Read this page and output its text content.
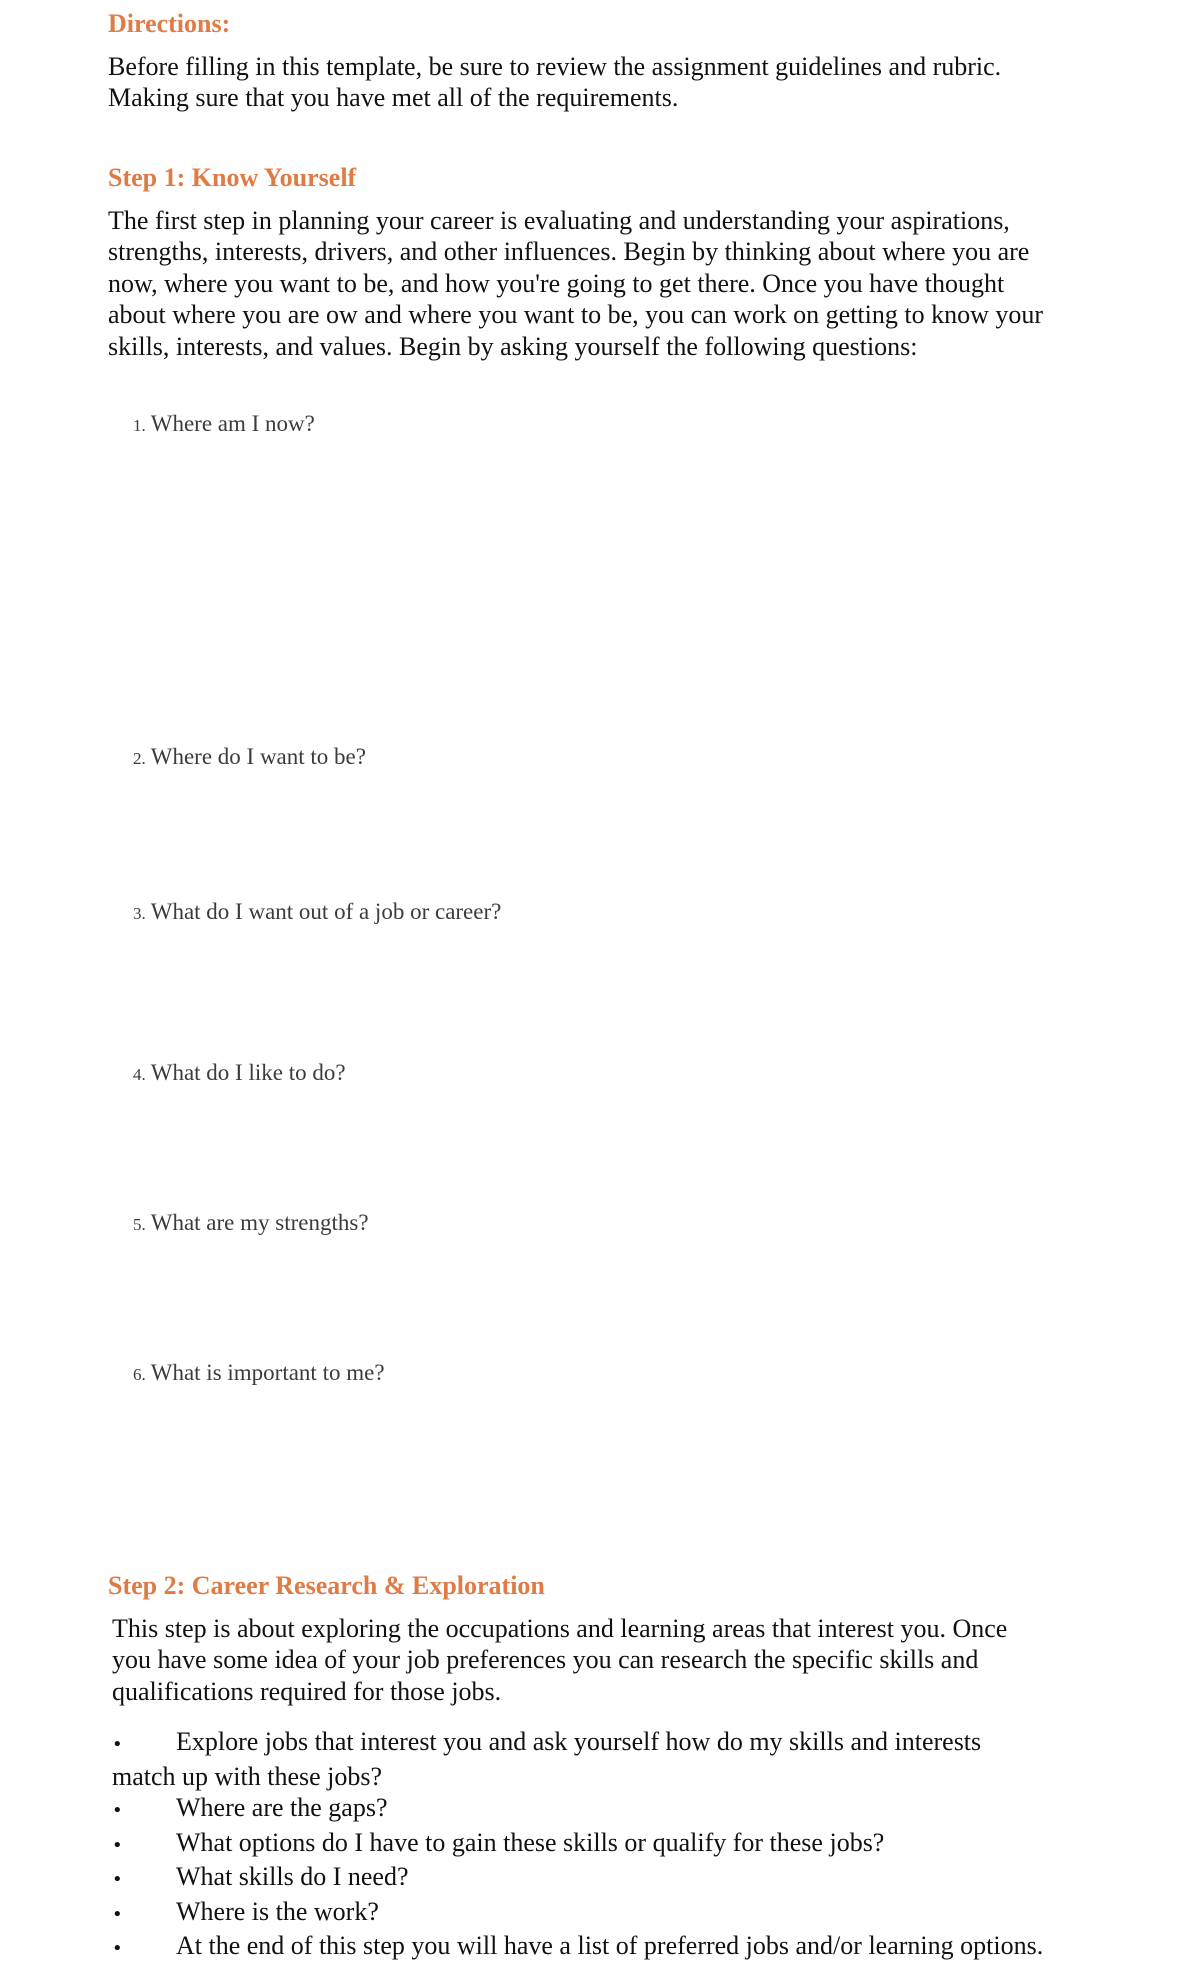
Directions:

Before filling in this template, be sure to review the assignment guidelines and rubric.

Making sure that you have met all of the requirements.

Step 1: Know Yourself

The first step in planning your career is evaluating and understanding your aspirations,

strengths, interests, drivers, and other influences. Begin by thinking about where you are

now, where you want to be, and how you're going to get there. Once you have thought

about where you are ow and where you want to be, you can work on getting to know your

skills, interests, and values. Begin by asking yourself the following questions:

1. Where am I now?

2. Where do I want to be?

3. What do I want out of a job or career?

4. What do I like to do?

5. What are my strengths?

6. What is important to me?

Step 2: Career Research & Exploration

This step is about exploring the occupations and learning areas that interest you. Once

you have some idea of your job preferences you can research the specific skills and

qualifications required for those jobs.

• Explore jobs that interest you and ask yourself how do my skills and interests
match up with these jobs?
• Where are the gaps?
• What options do I have to gain these skills or qualify for these jobs?
• What skills do I need?
• Where is the work?
• At the end of this step you will have a list of preferred jobs and/or learning options.
